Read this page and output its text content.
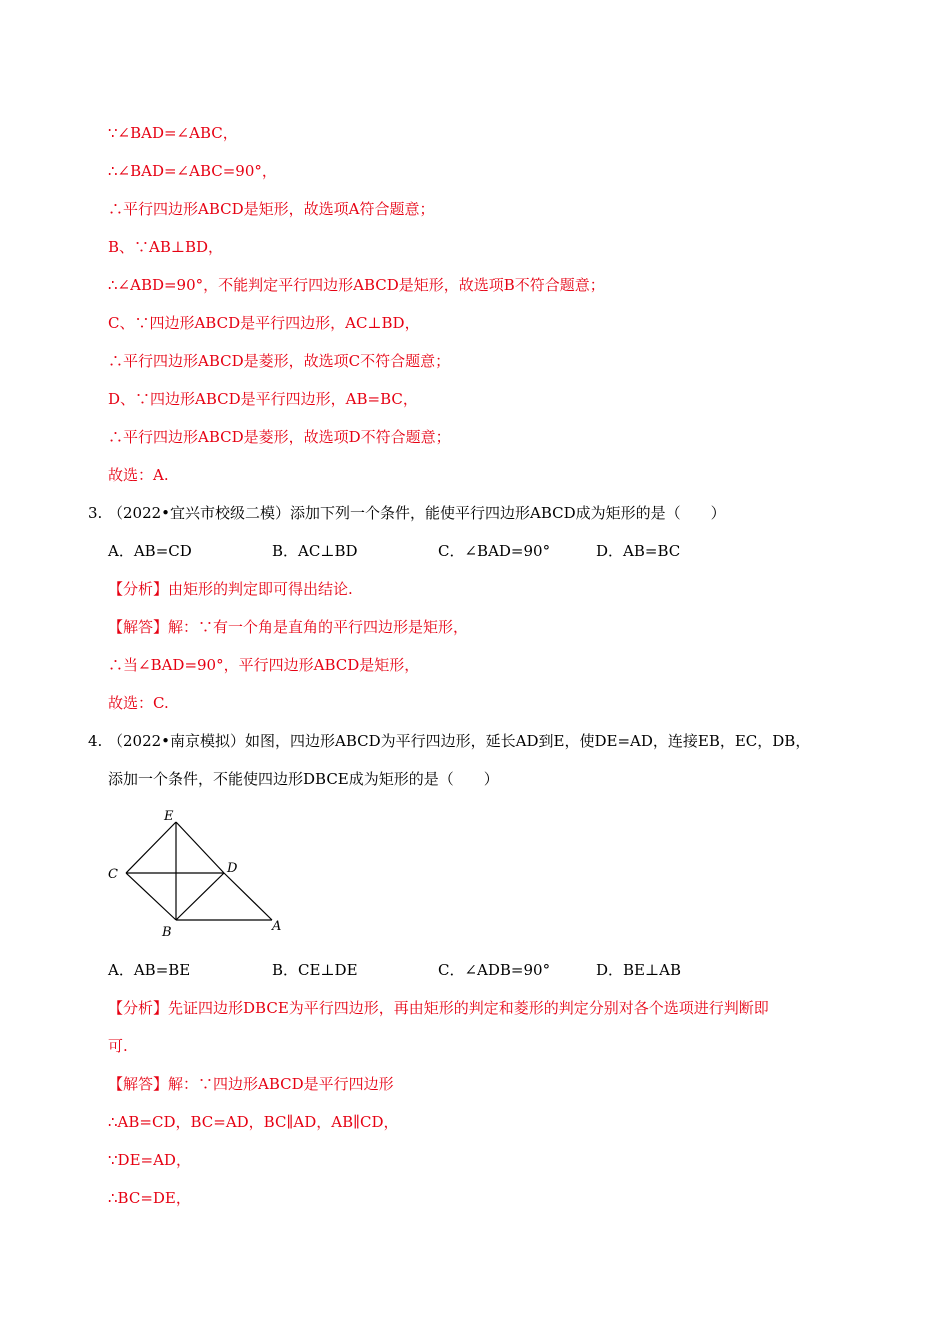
∵∠BAD=∠ABC，
∴∠BAD=∠ABC=90°，
∴平行四边形ABCD是矩形，故选项A符合题意；
B、∵AB⊥BD，
∴∠ABD=90°，不能判定平行四边形ABCD是矩形，故选项B不符合题意；
C、∵四边形ABCD是平行四边形，AC⊥BD，
∴平行四边形ABCD是菱形，故选项C不符合题意；
D、∵四边形ABCD是平行四边形，AB=BC，
∴平行四边形ABCD是菱形，故选项D不符合题意；
故选：A.
3. （2022•宜兴市校级二模）添加下列一个条件，能使平行四边形ABCD成为矩形的是（　　）
A．AB=CD	B．AC⊥BD	C．∠BAD=90°	D．AB=BC
【分析】由矩形的判定即可得出结论.
【解答】解：∵有一个角是直角的平行四边形是矩形，
∴当∠BAD=90°，平行四边形ABCD是矩形，
故选：C.
4. （2022•南京模拟）如图，四边形ABCD为平行四边形，延长AD到E，使DE=AD，连接EB，EC，DB，
添加一个条件，不能使四边形DBCE成为矩形的是（　　）
E
C	D
B	A
A．AB=BE	B．CE⊥DE	C．∠ADB=90°	D．BE⊥AB
【分析】先证四边形DBCE为平行四边形，再由矩形的判定和菱形的判定分别对各个选项进行判断即
可.
【解答】解：∵四边形ABCD是平行四边形
∴AB=CD，BC=AD，BC∥AD，AB∥CD，
∵DE=AD，
∴BC=DE，
